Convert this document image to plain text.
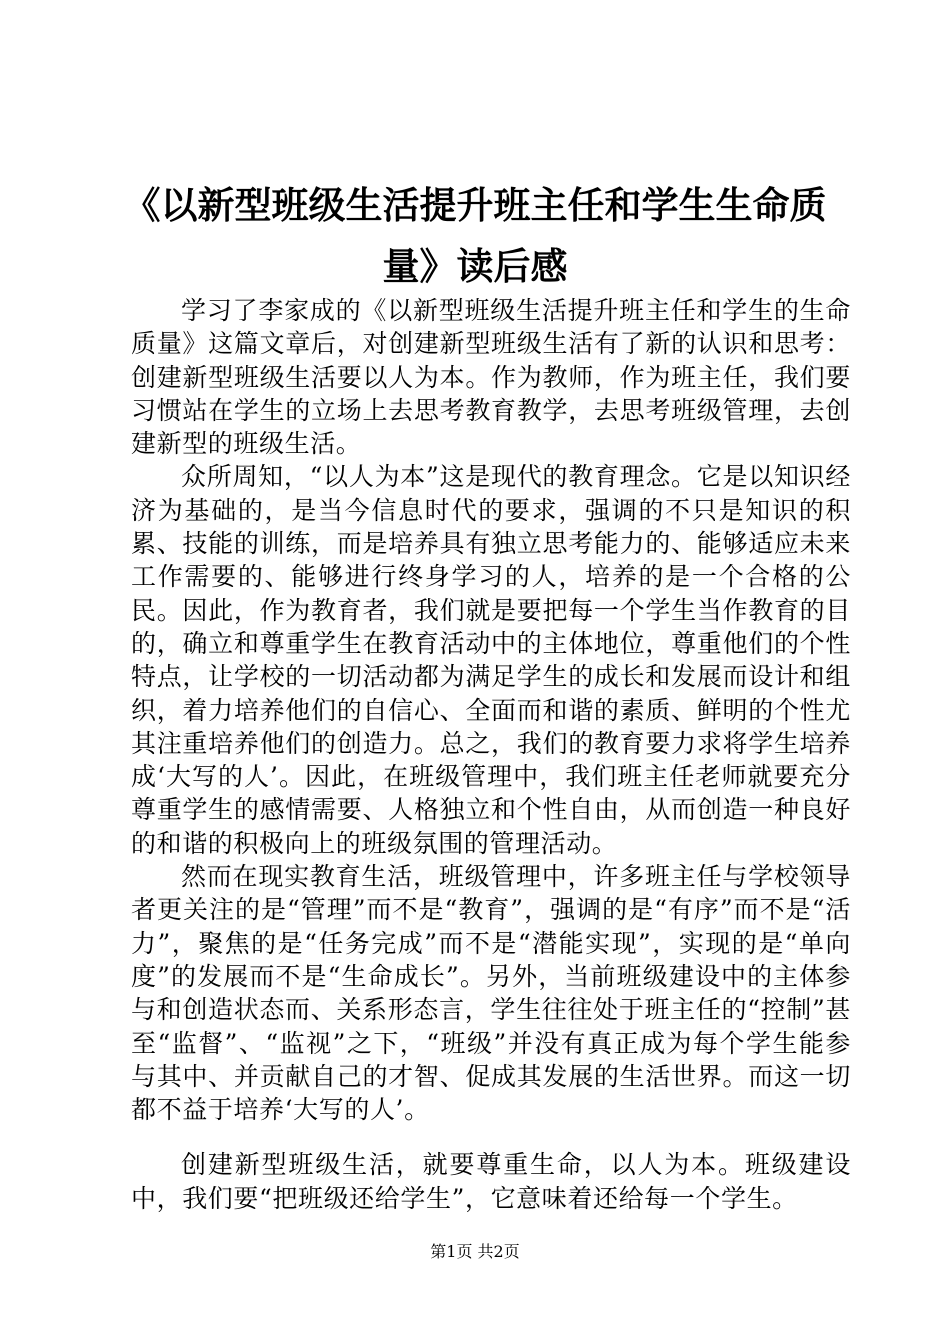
《以新型班级生活提升班主任和学生生命质
量》读后感

学习了李家成的《以新型班级生活提升班主任和学生的生命质量》这篇文章后，对创建新型班级生活有了新的认识和思考：创建新型班级生活要以人为本。作为教师，作为班主任，我们要习惯站在学生的立场上去思考教育教学，去思考班级管理，去创建新型的班级生活。

众所周知，“以人为本”这是现代的教育理念。它是以知识经济为基础的，是当今信息时代的要求，强调的不只是知识的积累、技能的训练，而是培养具有独立思考能力的、能够适应未来工作需要的、能够进行终身学习的人，培养的是一个合格的公民。因此，作为教育者，我们就是要把每一个学生当作教育的目的，确立和尊重学生在教育活动中的主体地位，尊重他们的个性特点，让学校的一切活动都为满足学生的成长和发展而设计和组织，着力培养他们的自信心、全面而和谐的素质、鲜明的个性尤其注重培养他们的创造力。总之，我们的教育要力求将学生培养成‘大写的人’。因此，在班级管理中，我们班主任老师就要充分尊重学生的感情需要、人格独立和个性自由，从而创造一种良好的和谐的积极向上的班级氛围的管理活动。

然而在现实教育生活，班级管理中，许多班主任与学校领导者更关注的是“管理”而不是“教育”，强调的是“有序”而不是“活力”，聚焦的是“任务完成”而不是“潜能实现”，实现的是“单向度”的发展而不是“生命成长”。另外，当前班级建设中的主体参与和创造状态而、关系形态言，学生往往处于班主任的“控制”甚至“监督”、“监视”之下，“班级”并没有真正成为每个学生能参与其中、并贡献自己的才智、促成其发展的生活世界。而这一切都不益于培养‘大写的人’。

创建新型班级生活，就要尊重生命，以人为本。班级建设中，我们要“把班级还给学生”，它意味着还给每一个学生。

第1页 共2页
